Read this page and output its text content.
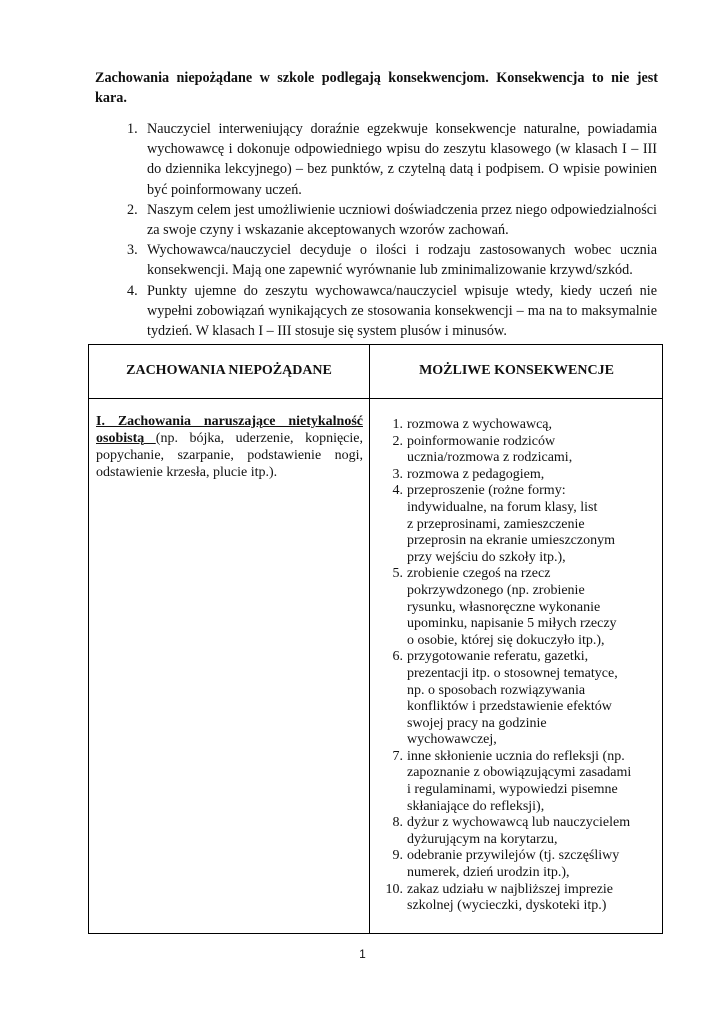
Zachowania niepożądane w szkole podlegają konsekwencjom. Konsekwencja to nie jest kara.
1. Nauczyciel interweniujący doraźnie egzekwuje konsekwencje naturalne, powiadamia wychowawcę i dokonuje odpowiedniego wpisu do zeszytu klasowego (w klasach I – III do dziennika lekcyjnego) – bez punktów, z czytelną datą i podpisem. O wpisie powinien być poinformowany uczeń.
2. Naszym celem jest umożliwienie uczniowi doświadczenia przez niego odpowiedzialności za swoje czyny i wskazanie akceptowanych wzorów zachowań.
3. Wychowawca/nauczyciel decyduje o ilości i rodzaju zastosowanych wobec ucznia konsekwencji. Mają one zapewnić wyrównanie lub zminimalizowanie krzywd/szkód.
4. Punkty ujemne do zeszytu wychowawca/nauczyciel wpisuje wtedy, kiedy uczeń nie wypełni zobowiązań wynikających ze stosowania konsekwencji – ma na to maksymalnie tydzień. W klasach I – III stosuje się system plusów i minusów.
ZACHOWANIA NIEPOŻĄDANE	MOŻLIWE KONSEKWENCJE
I. Zachowania naruszające nietykalność osobistą (np. bójka, uderzenie, kopnięcie, popychanie, szarpanie, podstawienie nogi, odstawienie krzesła, plucie itp.).
1. rozmowa z wychowawcą,
2. poinformowanie rodziców
ucznia/rozmowa z rodzicami,
3. rozmowa z pedagogiem,
4. przeproszenie (rożne formy:
indywidualne, na forum klasy, list
z przeprosinami, zamieszczenie
przeprosin na ekranie umieszczonym
przy wejściu do szkoły itp.),
5. zrobienie czegoś na rzecz
pokrzywdzonego (np. zrobienie
rysunku, własnoręczne wykonanie
upominku, napisanie 5 miłych rzeczy
o osobie, której się dokuczyło itp.),
6. przygotowanie referatu, gazetki,
prezentacji itp. o stosownej tematyce,
np. o sposobach rozwiązywania
konfliktów i przedstawienie efektów
swojej pracy na godzinie
wychowawczej,
7. inne skłonienie ucznia do refleksji (np.
zapoznanie z obowiązującymi zasadami
i regulaminami, wypowiedzi pisemne
skłaniające do refleksji),
8. dyżur z wychowawcą lub nauczycielem
dyżurującym na korytarzu,
9. odebranie przywilejów (tj. szczęśliwy
numerek, dzień urodzin itp.),
10. zakaz udziału w najbliższej imprezie
szkolnej (wycieczki, dyskoteki itp.)
1
